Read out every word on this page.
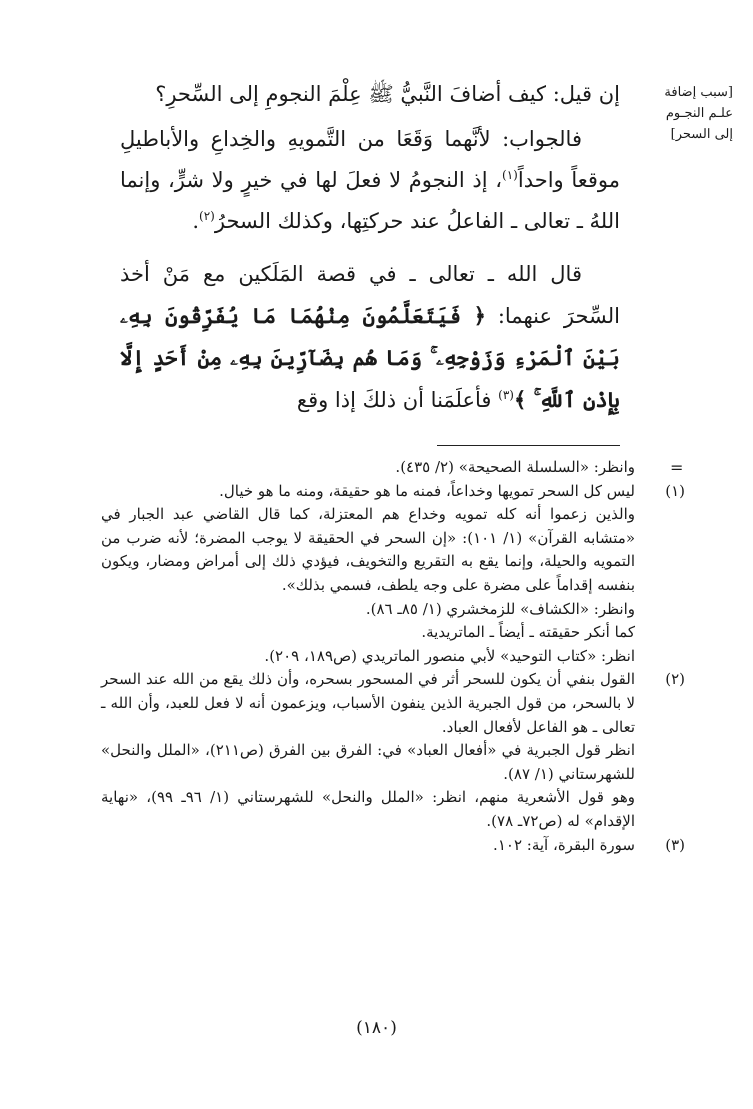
[سبب إضافة
علـم النجـوم
إلى السحر]

إن قيل: كيف أضافَ النَّبيُّ ﷺ عِلْمَ النجومِ إلى السِّحرِ؟

فالجواب: لأنَّهما وَقَعَا من التَّمويهِ والخِداعِ والأباطيلِ موقعاً واحداً$^{(١)}$، إذ النجومُ لا فعلَ لها في خيرٍ ولا شرٍّ، وإنما اللهُ ـ تعالى ـ الفاعلُ عند حركتِها، وكذلك السحرُ$^{(٢)}$.

قال الله ـ تعالى ـ في قصة المَلَكين مع مَنْ أخذ السِّحرَ عنهما: ﴿ فَيَتَعَلَّمُونَ مِنْهُمَا مَا يُفَرِّقُونَ بِهِۦ بَيْنَ ٱلْمَرْءِ وَزَوْجِهِۦ ۚ وَمَا هُم بِضَآرِّينَ بِهِۦ مِنْ أَحَدٍ إِلَّا بِإِذْنِ ٱللَّهِ ۚ ﴾$^{(٣)}$ فأعلَمَنا أن ذلكَ إذا وقع

=

وانظر: «السلسلة الصحيحة» (٢/ ٤٣٥).

(١)
ليس كل السحر تمويها وخداعاً، فمنه ما هو حقيقة، ومنه ما هو خيال.
والذين زعموا أنه كله تمويه وخداع هم المعتزلة، كما قال القاضي عبد الجبار في «متشابه القرآن» (١/ ١٠١): «إن السحر في الحقيقة لا يوجب المضرة؛ لأنه ضرب من التمويه والحيلة، وإنما يقع به التقريع والتخويف، فيؤدي ذلك إلى أمراض ومضار، ويكون بنفسه إقداماً على مضرة على وجه يلطف، فسمي بذلك».
وانظر: «الكشاف» للزمخشري (١/ ٨٥ـ ٨٦).
كما أنكر حقيقته ـ أيضاً ـ الماتريدية.
انظر: «كتاب التوحيد» لأبي منصور الماتريدي (ص١٨٩، ٢٠٩).
(٢)
القول بنفي أن يكون للسحر أثر في المسحور بسحره، وأن ذلك يقع من الله عند السحر لا بالسحر، من قول الجبرية الذين ينفون الأسباب، ويزعمون أنه لا فعل للعبد، وأن الله ـ تعالى ـ هو الفاعل لأفعال العباد.
انظر قول الجبرية في «أفعال العباد» في: الفرق بين الفرق (ص٢١١)، «الملل والنحل» للشهرستاني (١/ ٨٧).
وهو قول الأشعرية منهم، انظر: «الملل والنحل» للشهرستاني (١/ ٩٦ـ ٩٩)، «نهاية الإقدام» له (ص٧٢ـ ٧٨).
(٣)
سورة البقرة، آية: ١٠٢.
(١٨٠)
